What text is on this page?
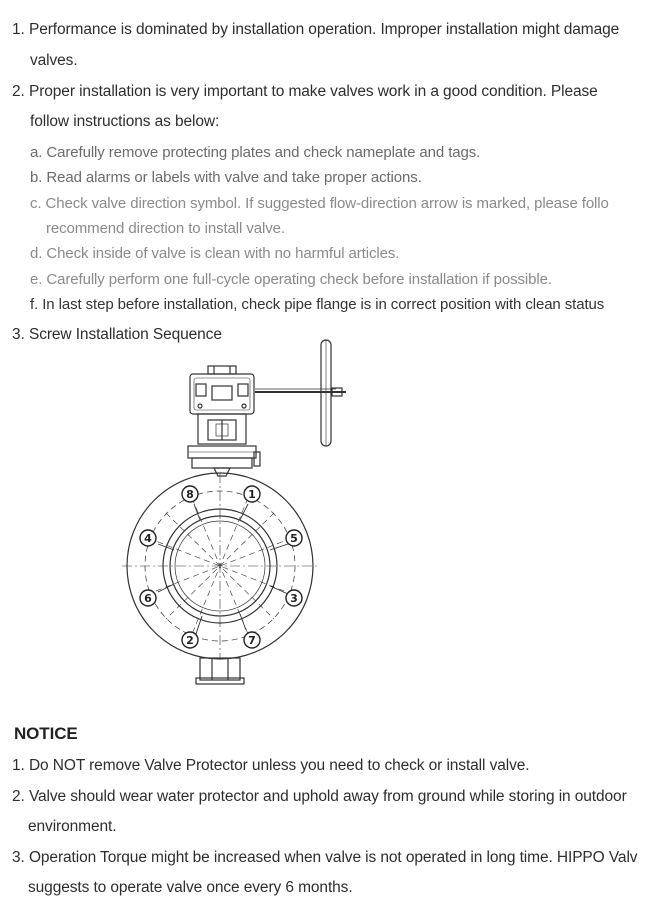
1. Performance is dominated by installation operation. Improper installation might damage
valves.
2. Proper installation is very important to make valves work in a good condition. Please
follow instructions as below:
a. Carefully remove protecting plates and check nameplate and tags.
b. Read alarms or labels with valve and take proper actions.
c. Check valve direction symbol. If suggested flow-direction arrow is marked, please follo
recommend direction to install valve.
d. Check inside of valve is clean with no harmful articles.
e. Carefully perform one full-cycle operating check before installation if possible.
f. In last step before installation, check pipe flange is in correct position with clean status
3. Screw Installation Sequence
8	1
4	5
6	3
2	7
NOTICE
1. Do NOT remove Valve Protector unless you need to check or install valve.
2. Valve should wear water protector and uphold away from ground while storing in outdoor
environment.
3. Operation Torque might be increased when valve is not operated in long time. HIPPO Valv
suggests to operate valve once every 6 months.
